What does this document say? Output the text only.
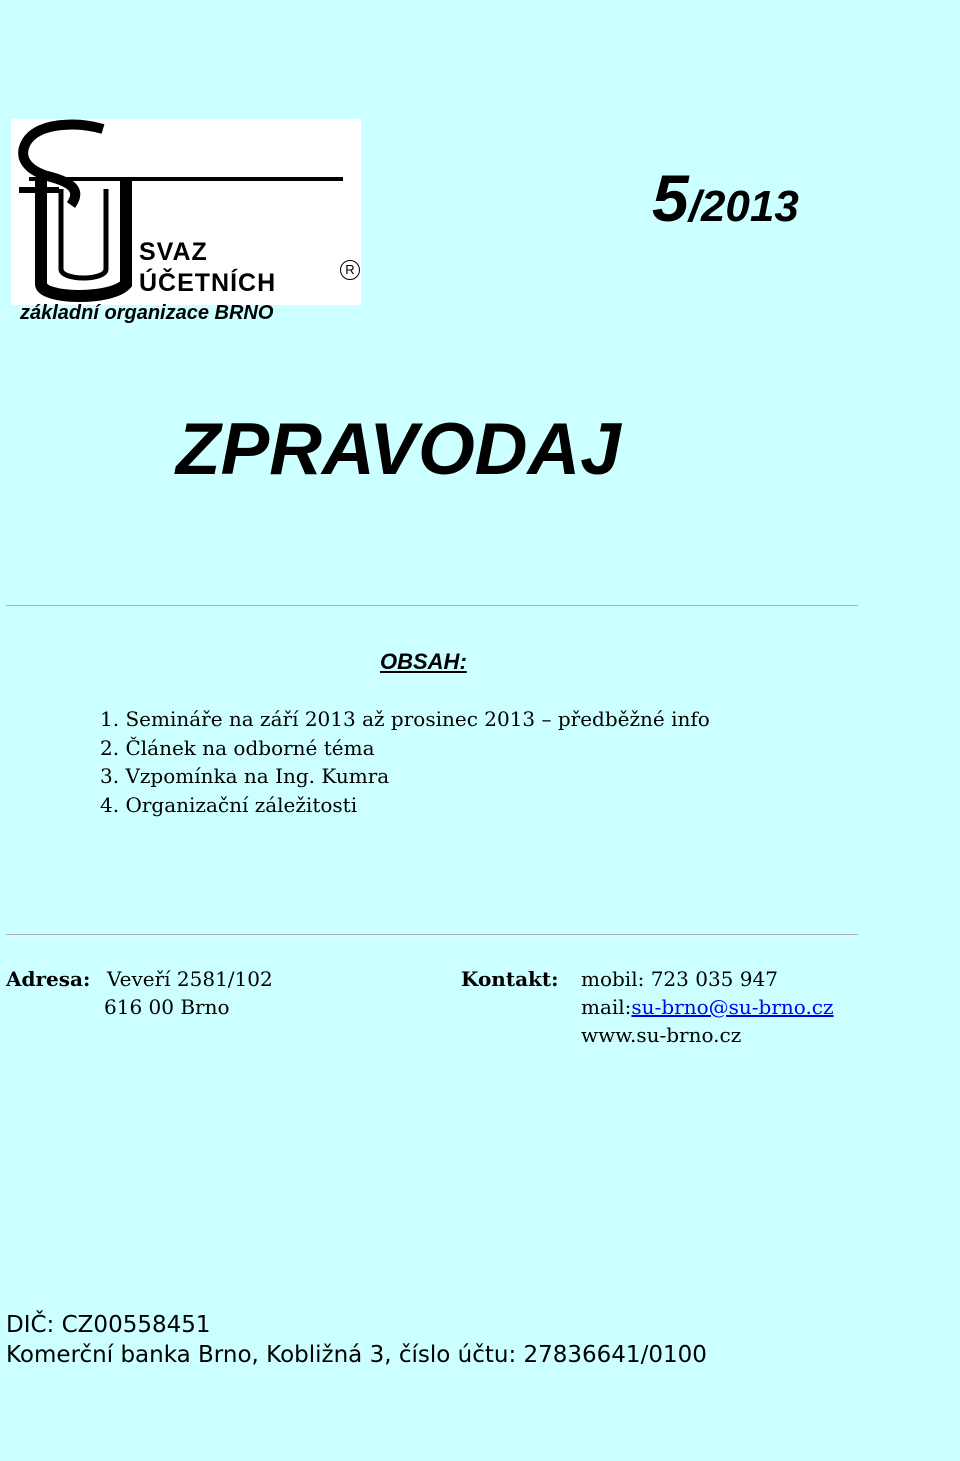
SVAZ
ÚČETNÍCH	R
základní organizace BRNO
5/2013
ZPRAVODAJ
OBSAH:
1. Semináře na září 2013 až prosinec 2013 – předběžné info
2. Článek na odborné téma
3. Vzpomínka na Ing. Kumra
4. Organizační záležitosti
Adresa: Veveří 2581/102
616 00 Brno
Kontakt: mobil: 723 035 947
mail:su-brno@su-brno.cz
www.su-brno.cz
DIČ: CZ00558451
Komerční banka Brno, Kobližná 3, číslo účtu: 27836641/0100
